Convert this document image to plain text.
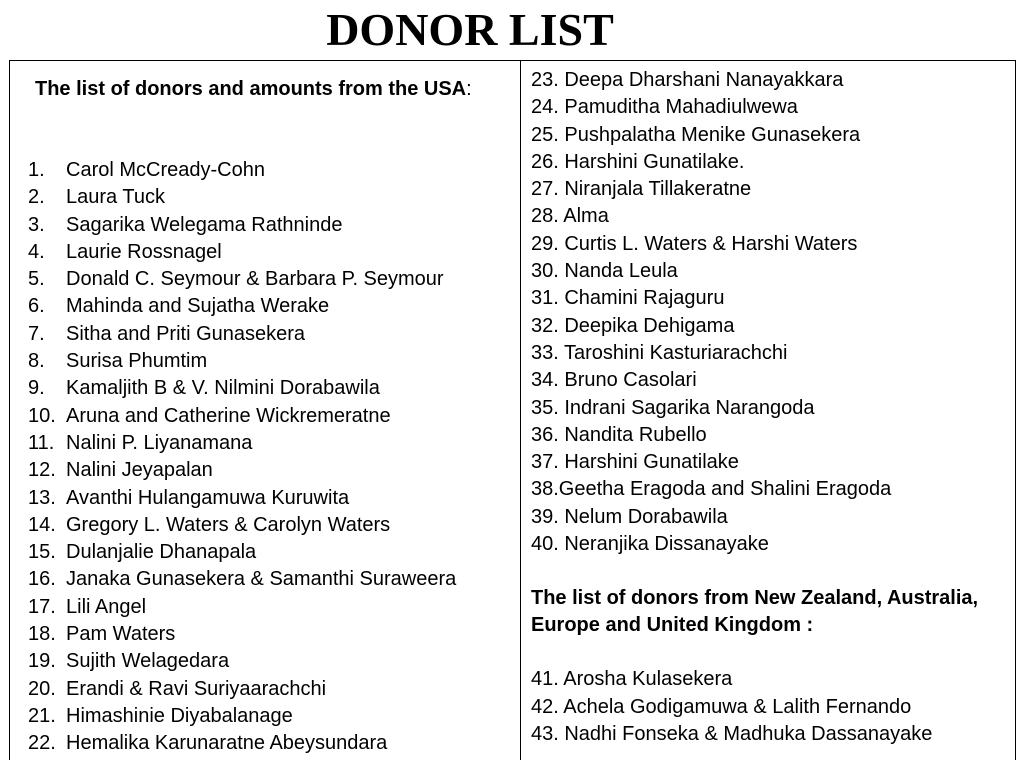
DONOR LIST

The list of donors and amounts from the USA:

1. Carol McCready-Cohn
2. Laura Tuck
3. Sagarika Welegama Rathninde
4. Laurie Rossnagel
5. Donald C. Seymour & Barbara P. Seymour
6. Mahinda and Sujatha Werake
7. Sitha and Priti Gunasekera
8. Surisa Phumtim
9. Kamaljith B & V. Nilmini Dorabawila
10. Aruna and Catherine Wickremeratne
11. Nalini P. Liyanamana
12. Nalini Jeyapalan
13. Avanthi Hulangamuwa Kuruwita
14. Gregory L. Waters & Carolyn Waters
15. Dulanjalie Dhanapala
16. Janaka Gunasekera & Samanthi Suraweera
17. Lili Angel
18. Pam Waters
19. Sujith Welagedara
20. Erandi & Ravi Suriyaarachchi
21. Himashinie Diyabalanage
22. Hemalika Karunaratne Abeysundara
23. Deepa Dharshani Nanayakkara
24. Pamuditha Mahadiulwewa
25. Pushpalatha Menike Gunasekera
26. Harshini Gunatilake.
27. Niranjala Tillakeratne
28. Alma
29. Curtis L. Waters & Harshi Waters
30. Nanda Leula
31. Chamini Rajaguru
32. Deepika Dehigama
33. Taroshini Kasturiarachchi
34. Bruno Casolari
35. Indrani Sagarika Narangoda
36. Nandita Rubello
37. Harshini Gunatilake
38.Geetha Eragoda and Shalini Eragoda
39. Nelum Dorabawila
40. Neranjika Dissanayake

The list of donors from New Zealand, Australia, Europe and United Kingdom :

41. Arosha Kulasekera
42. Achela Godigamuwa & Lalith Fernando
43. Nadhi Fonseka & Madhuka Dassanayake
